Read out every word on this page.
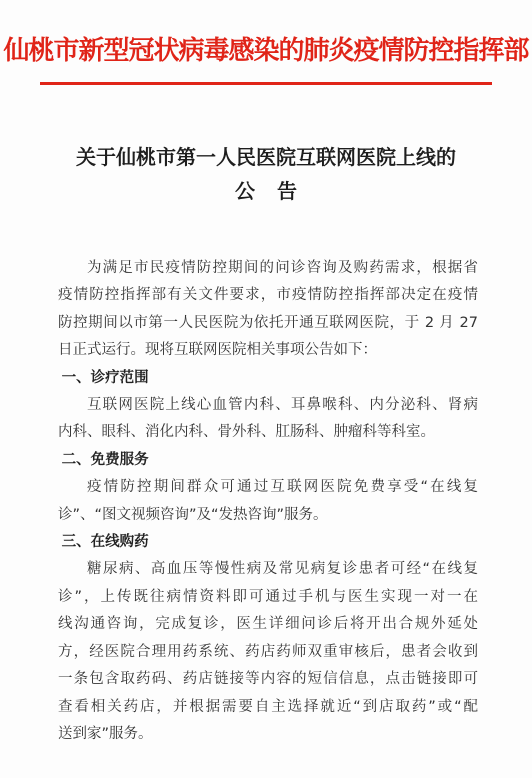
仙桃市新型冠状病毒感染的肺炎疫情防控指挥部
关于仙桃市第一人民医院互联网医院上线的
公告

为满足市民疫情防控期间的问诊咨询及购药需求，根据省
疫情防控指挥部有关文件要求，市疫情防控指挥部决定在疫情
防控期间以市第一人民医院为依托开通互联网医院，于 2 月 27
日正式运行。现将互联网医院相关事项公告如下：

一、诊疗范围

互联网医院上线心血管内科、耳鼻喉科、内分泌科、肾病
内科、眼科、消化内科、骨外科、肛肠科、肿瘤科等科室。

二、免费服务

疫情防控期间群众可通过互联网医院免费享受“在线复
诊”、“图文视频咨询”及“发热咨询”服务。

三、在线购药

糖尿病、高血压等慢性病及常见病复诊患者可经“在线复
诊”，上传既往病情资料即可通过手机与医生实现一对一在
线沟通咨询，完成复诊，医生详细问诊后将开出合规外延处
方，经医院合理用药系统、药店药师双重审核后，患者会收到
一条包含取药码、药店链接等内容的短信信息，点击链接即可
查看相关药店，并根据需要自主选择就近“到店取药”或“配
送到家”服务。
